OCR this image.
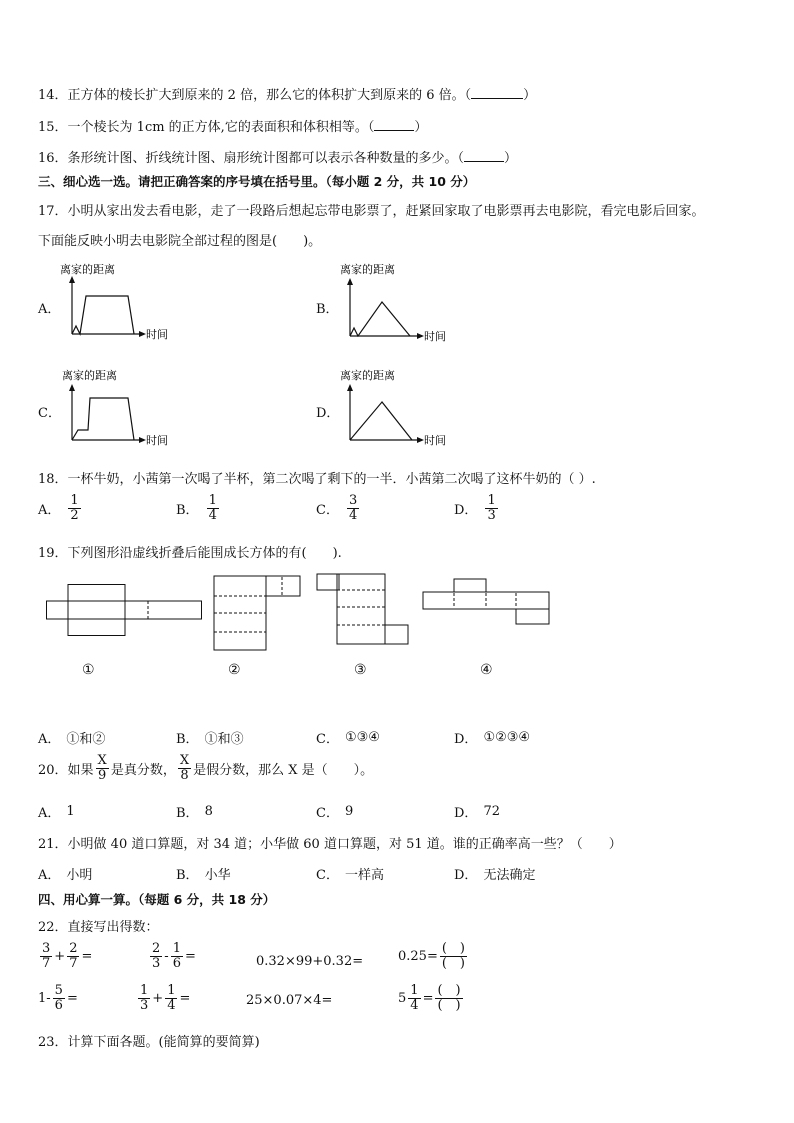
14．正方体的棱长扩大到原来的 2 倍，那么它的体积扩大到原来的 6 倍。（	）
15．一个棱长为 1cm 的正方体,它的表面积和体积相等。（	）
16．条形统计图、折线统计图、扇形统计图都可以表示各种数量的多少。（	）
三、细心选一选。请把正确答案的序号填在括号里。（每小题 2 分，共 10 分）
17．小明从家出发去看电影，走了一段路后想起忘带电影票了，赶紧回家取了电影票再去电影院，看完电影后回家。
下面能反映小明去电影院全部过程的图是(　　)。
A．
离家的距离
时间
B．
离家的距离
时间
C．
离家的距离
时间
D．
离家的距离
时间
18．一杯牛奶，小茜第一次喝了半杯，第二次喝了剩下的一半．小茜第二次喝了这杯牛奶的（ ）.
A． $\frac{1}{2}$	B． $\frac{1}{4}$	C． $\frac{3}{4}$	D． $\frac{1}{3}$
19．下列图形沿虚线折叠后能围成长方体的有(　　).
①	②	③	④
A． ①和②	B． ①和③	C． ①③④	D． ①②③④
20．如果 $\frac{X}{9}$ 是真分数， $\frac{X}{8}$ 是假分数，那么 X 是（　　）。
A． 1	B． 8	C． 9	D． 72
21．小明做 40 道口算题，对 34 道；小华做 60 道口算题，对 51 道。谁的正确率高一些？（　　）
A． 小明	B． 小华	C． 一样高	D． 无法确定
四、用心算一算。（每题 6 分，共 18 分）
22．直接写出得数：
$\frac{3}{7} + \frac{2}{7}$ =	$\frac{2}{3} - \frac{1}{6}$ =	0.32×99+0.32=	$0.25= \frac{( )}{( )}$
$1- \frac{5}{6}$ =	$\frac{1}{3} + \frac{1}{4}$ =	25×0.07×4=	$5 \frac{1}{4} = \frac{( )}{( )}$
23．计算下面各题。(能简算的要简算)
